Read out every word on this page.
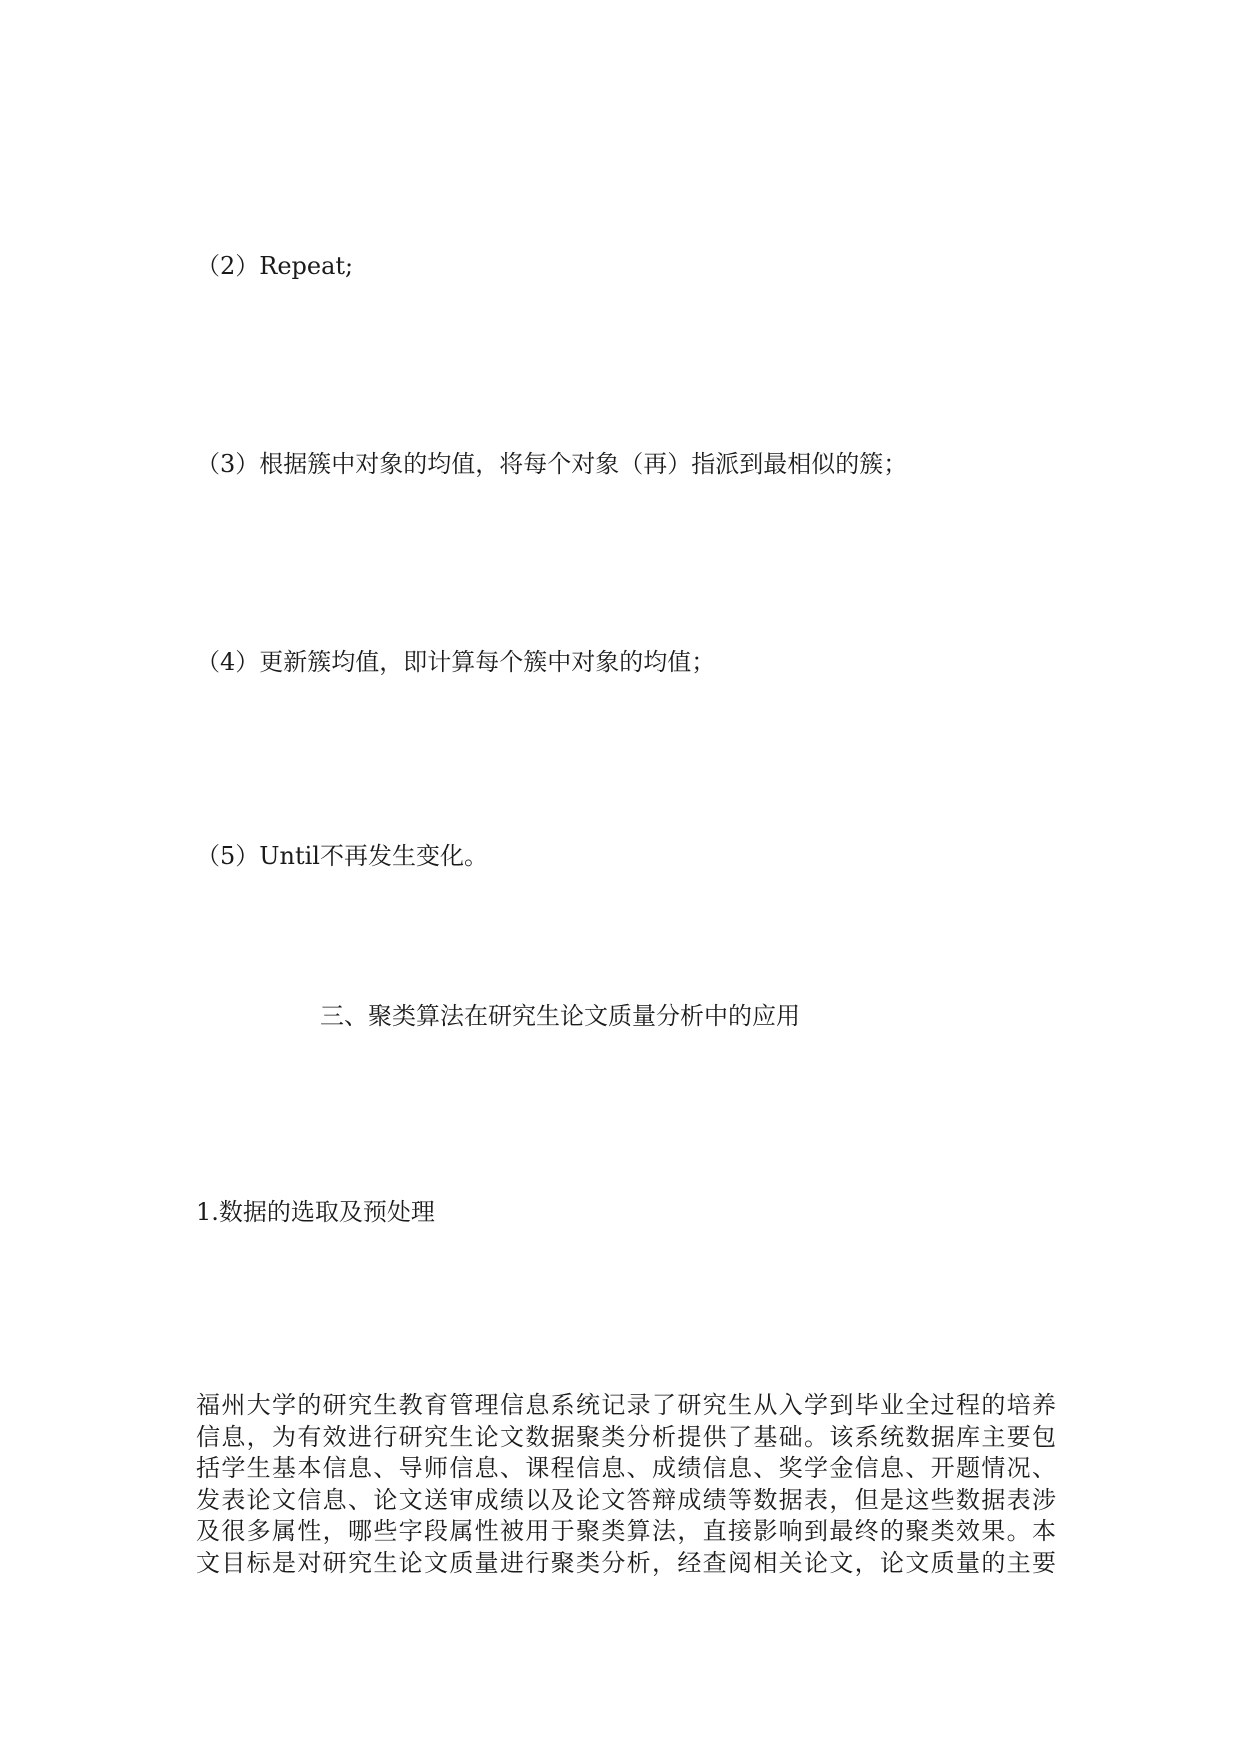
（2）Repeat;
（3）根据簇中对象的均值，将每个对象（再）指派到最相似的簇；
（4）更新簇均值，即计算每个簇中对象的均值；
（5）Until不再发生变化。
三、聚类算法在研究生论文质量分析中的应用
1.数据的选取及预处理
福州大学的研究生教育管理信息系统记录了研究生从入学到毕业全过程的培养
信息，为有效进行研究生论文数据聚类分析提供了基础。该系统数据库主要包
括学生基本信息、导师信息、课程信息、成绩信息、奖学金信息、开题情况、
发表论文信息、论文送审成绩以及论文答辩成绩等数据表，但是这些数据表涉
及很多属性，哪些字段属性被用于聚类算法，直接影响到最终的聚类效果。本
文目标是对研究生论文质量进行聚类分析，经查阅相关论文，论文质量的主要
